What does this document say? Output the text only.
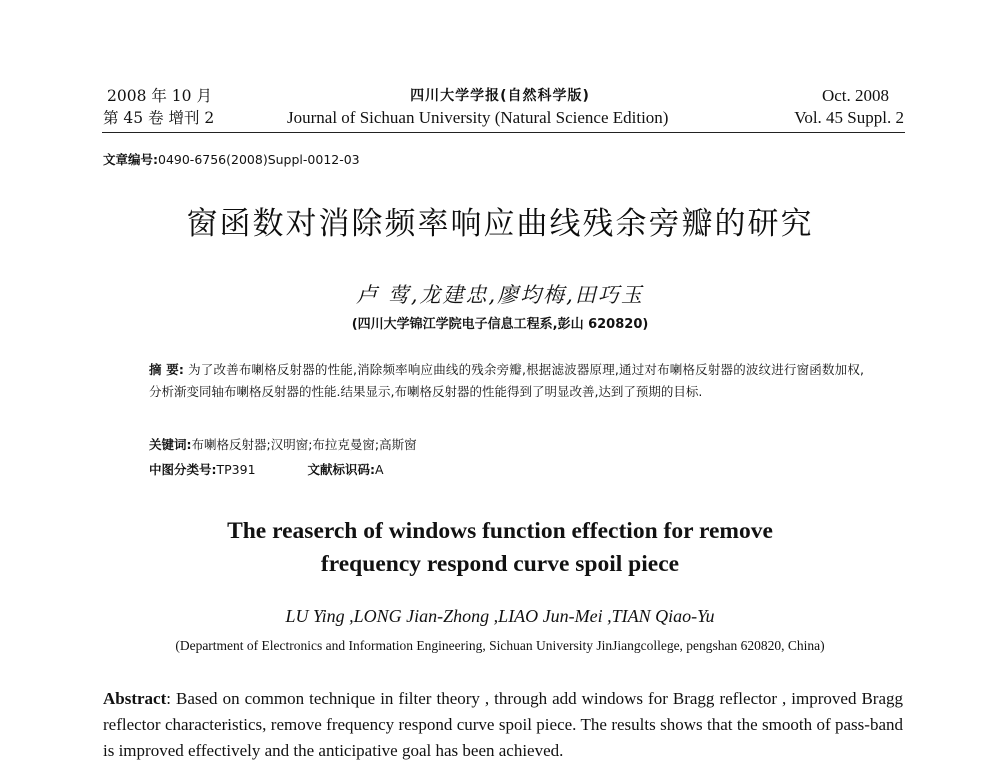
2008 年 10 月
第 45 卷 增刊 2
四川大学学报(自然科学版)
Journal of Sichuan University (Natural Science Edition)
Oct. 2008
Vol. 45 Suppl. 2
文章编号:0490-6756(2008)Suppl-0012-03
窗函数对消除频率响应曲线残余旁瓣的研究
卢 莺,龙建忠,廖均梅,田巧玉
(四川大学锦江学院电子信息工程系,彭山 620820)
摘 要: 为了改善布喇格反射器的性能,消除频率响应曲线的残余旁瓣,根据滤波器原理,通过对布喇格反射器的波纹进行窗函数加权,分析渐变同轴布喇格反射器的性能.结果显示,布喇格反射器的性能得到了明显改善,达到了预期的目标.
关键词:布喇格反射器;汉明窗;布拉克曼窗;高斯窗
中图分类号:TP391	文献标识码:A
The reaserch of windows function effection for remove
frequency respond curve spoil piece
LU Ying ,LONG Jian-Zhong ,LIAO Jun-Mei ,TIAN Qiao-Yu
(Department of Electronics and Information Engineering, Sichuan University JinJiangcollege, pengshan 620820, China)
Abstract: Based on common technique in filter theory , through add windows for Bragg reflector , improved Bragg reflector characteristics, remove frequency respond curve spoil piece. The results shows that the smooth of pass-band is improved effectively and the anticipative goal has been achieved.
